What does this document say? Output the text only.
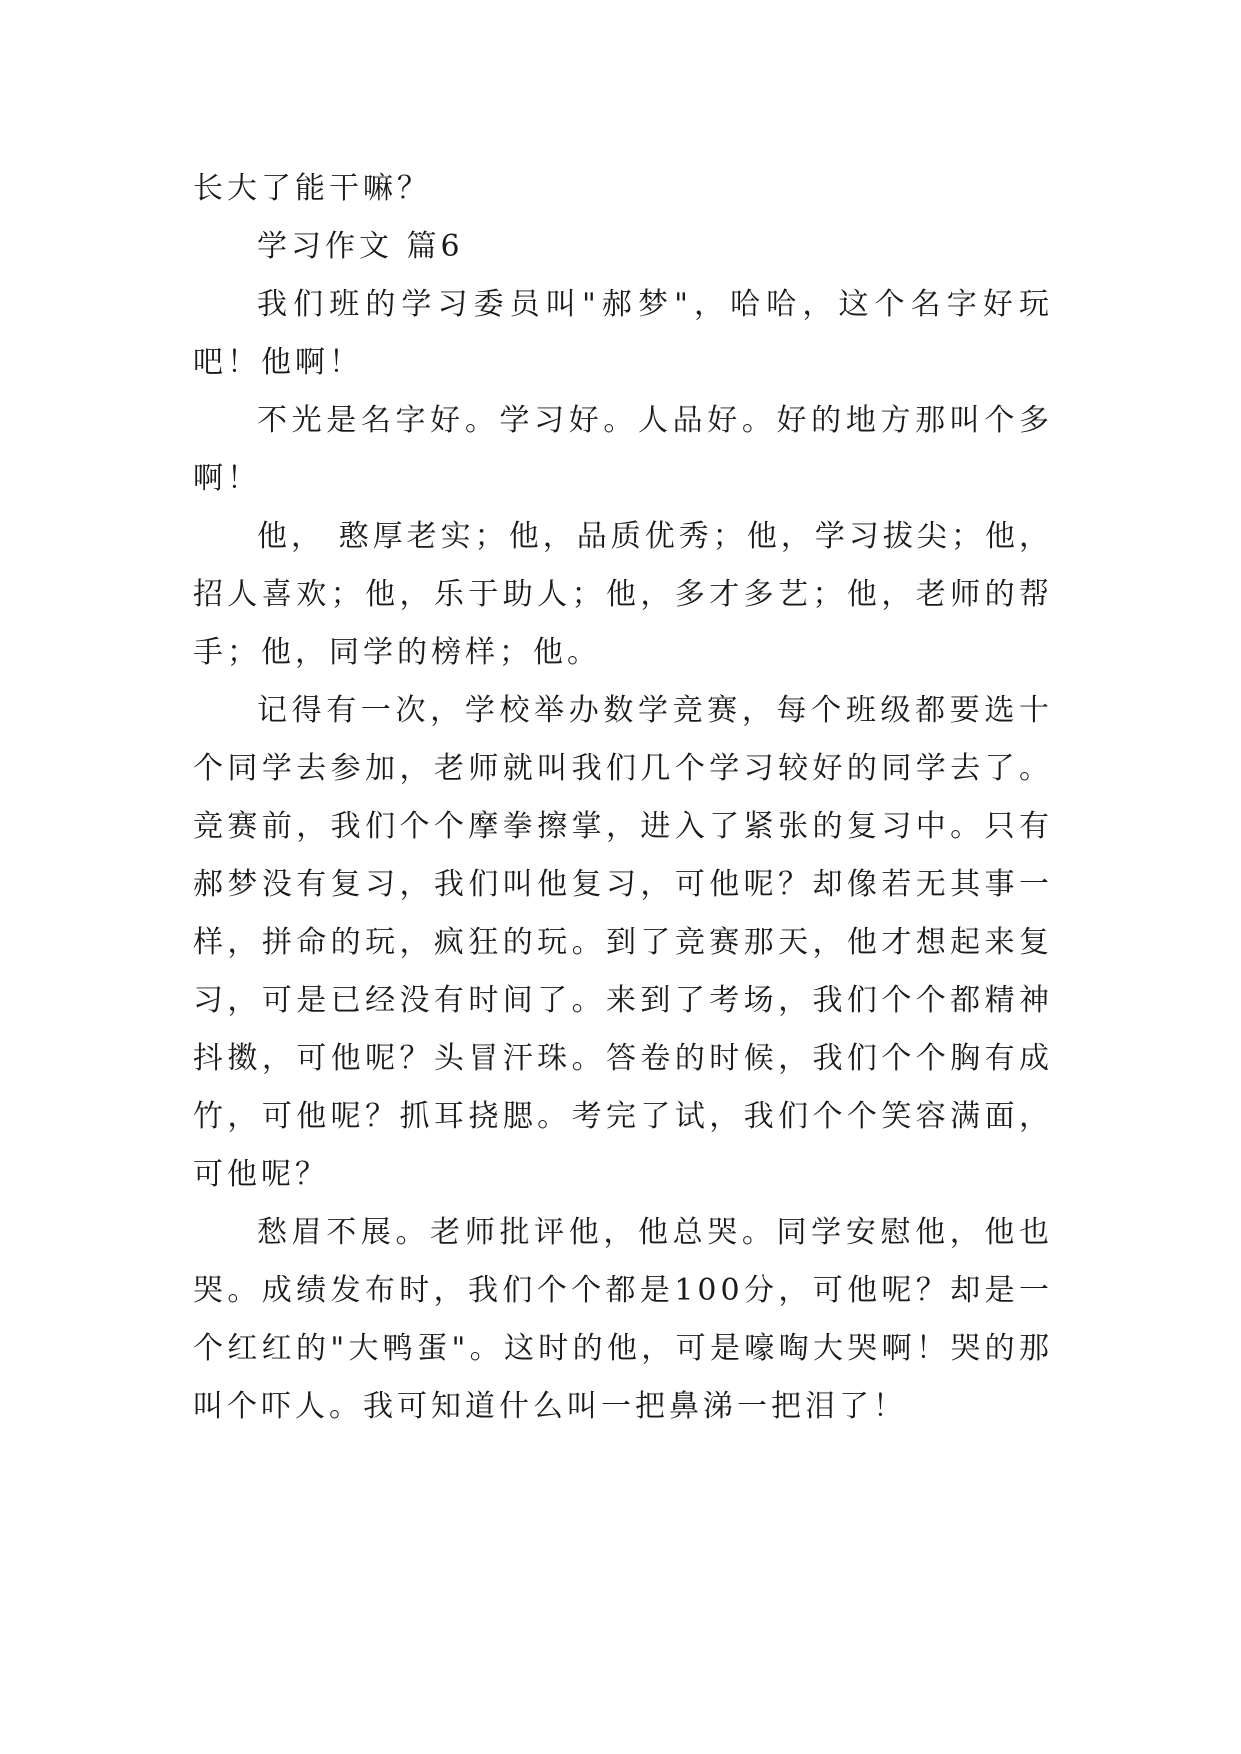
长大了能干嘛？

学习作文 篇6

我们班的学习委员叫"郝梦"，哈哈，这个名字好玩吧！他啊！

不光是名字好。学习好。人品好。好的地方那叫个多啊！

他， 憨厚老实；他，品质优秀；他，学习拔尖；他，招人喜欢；他，乐于助人；他，多才多艺；他，老师的帮手；他，同学的榜样；他。

记得有一次，学校举办数学竞赛，每个班级都要选十个同学去参加，老师就叫我们几个学习较好的同学去了。竞赛前，我们个个摩拳擦掌，进入了紧张的复习中。只有郝梦没有复习，我们叫他复习，可他呢？却像若无其事一样，拼命的玩，疯狂的玩。到了竞赛那天，他才想起来复习，可是已经没有时间了。来到了考场，我们个个都精神抖擞，可他呢？头冒汗珠。答卷的时候，我们个个胸有成竹，可他呢？抓耳挠腮。考完了试，我们个个笑容满面，可他呢？

愁眉不展。老师批评他，他总哭。同学安慰他，他也哭。成绩发布时，我们个个都是100分，可他呢？却是一个红红的"大鸭蛋"。这时的他，可是嚎啕大哭啊！哭的那叫个吓人。我可知道什么叫一把鼻涕一把泪了！
